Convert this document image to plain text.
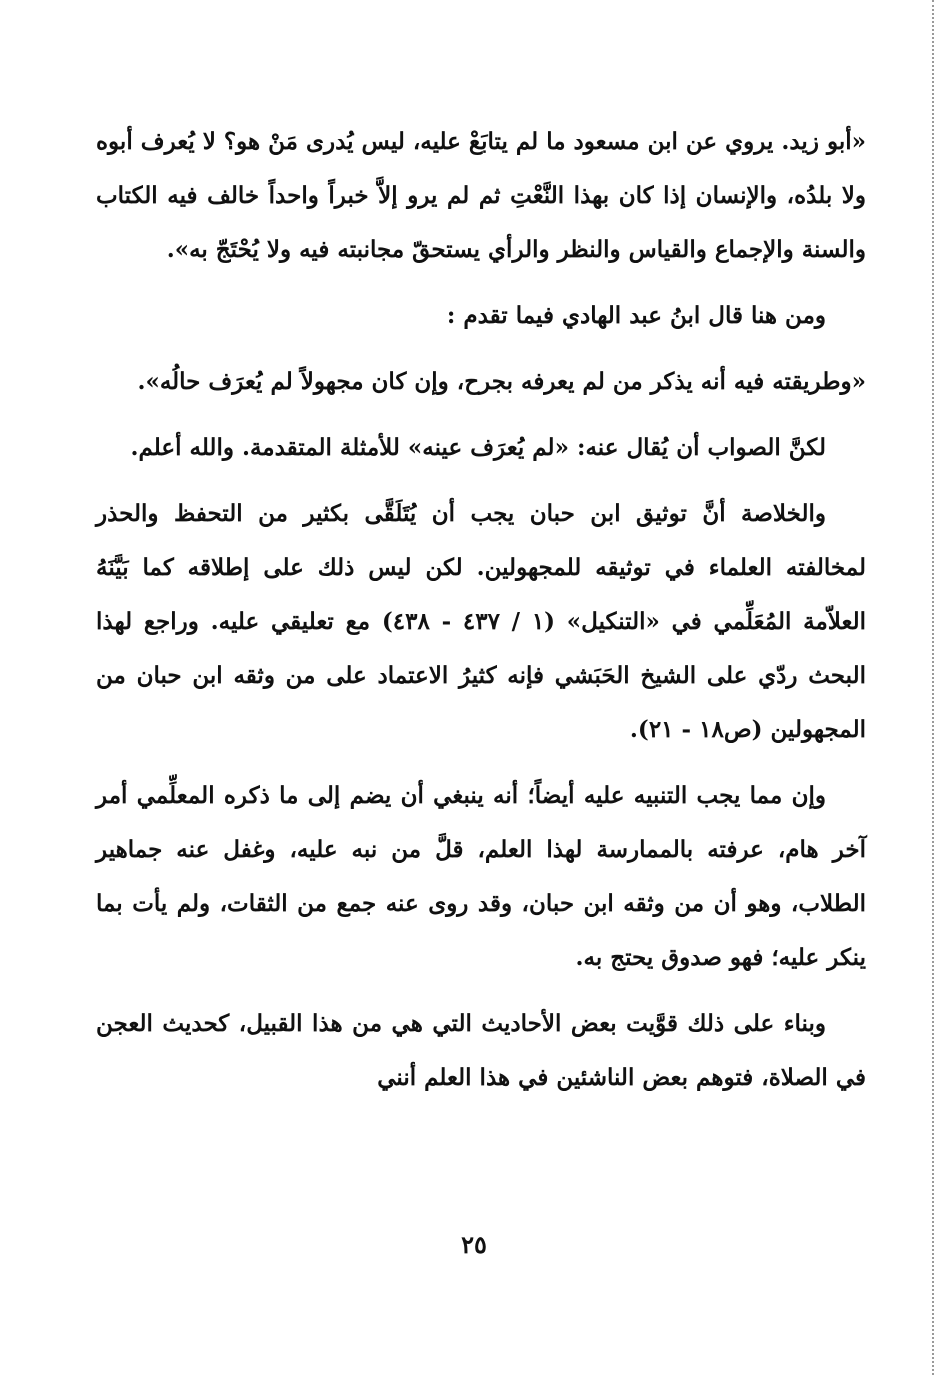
«أبو زيد. يروي عن ابن مسعود ما لم يتابَعْ عليه، ليس يُدرى مَنْ هو؟ لا يُعرف أبوه ولا بلدُه، والإنسان إذا كان بهذا النَّعْتِ ثم لم يرو إلاَّ خبراً واحداً خالف فيه الكتاب والسنة والإجماع والقياس والنظر والرأي يستحقّ مجانبته فيه ولا يُحْتَجّ به».

ومن هنا قال ابنُ عبد الهادي فيما تقدم :

«وطريقته فيه أنه يذكر من لم يعرفه بجرح، وإن كان مجهولاً لم يُعرَف حالُه».

لكنَّ الصواب أن يُقال عنه: «لم يُعرَف عينه» للأمثلة المتقدمة. والله أعلم.

والخلاصة أنَّ توثيق ابن حبان يجب أن يُتَلَقَّى بكثير من التحفظ والحذر لمخالفته العلماء في توثيقه للمجهولين. لكن ليس ذلك على إطلاقه كما بَيَّنَهُ العلاّمة المُعَلِّمي في «التنكيل» (١ / ٤٣٧ - ٤٣٨) مع تعليقي عليه. وراجع لهذا البحث ردّي على الشيخ الحَبَشي فإنه كثيرُ الاعتماد على من وثقه ابن حبان من المجهولين (ص١٨ - ٢١).

وإن مما يجب التنبيه عليه أيضاً؛ أنه ينبغي أن يضم إلى ما ذكره المعلِّمي أمر آخر هام، عرفته بالممارسة لهذا العلم، قلَّ من نبه عليه، وغفل عنه جماهير الطلاب، وهو أن من وثقه ابن حبان، وقد روى عنه جمع من الثقات، ولم يأت بما ينكر عليه؛ فهو صدوق يحتج به.

وبناء على ذلك قوَّيت بعض الأحاديث التي هي من هذا القبيل، كحديث العجن في الصلاة، فتوهم بعض الناشئين في هذا العلم أنني

٢٥
